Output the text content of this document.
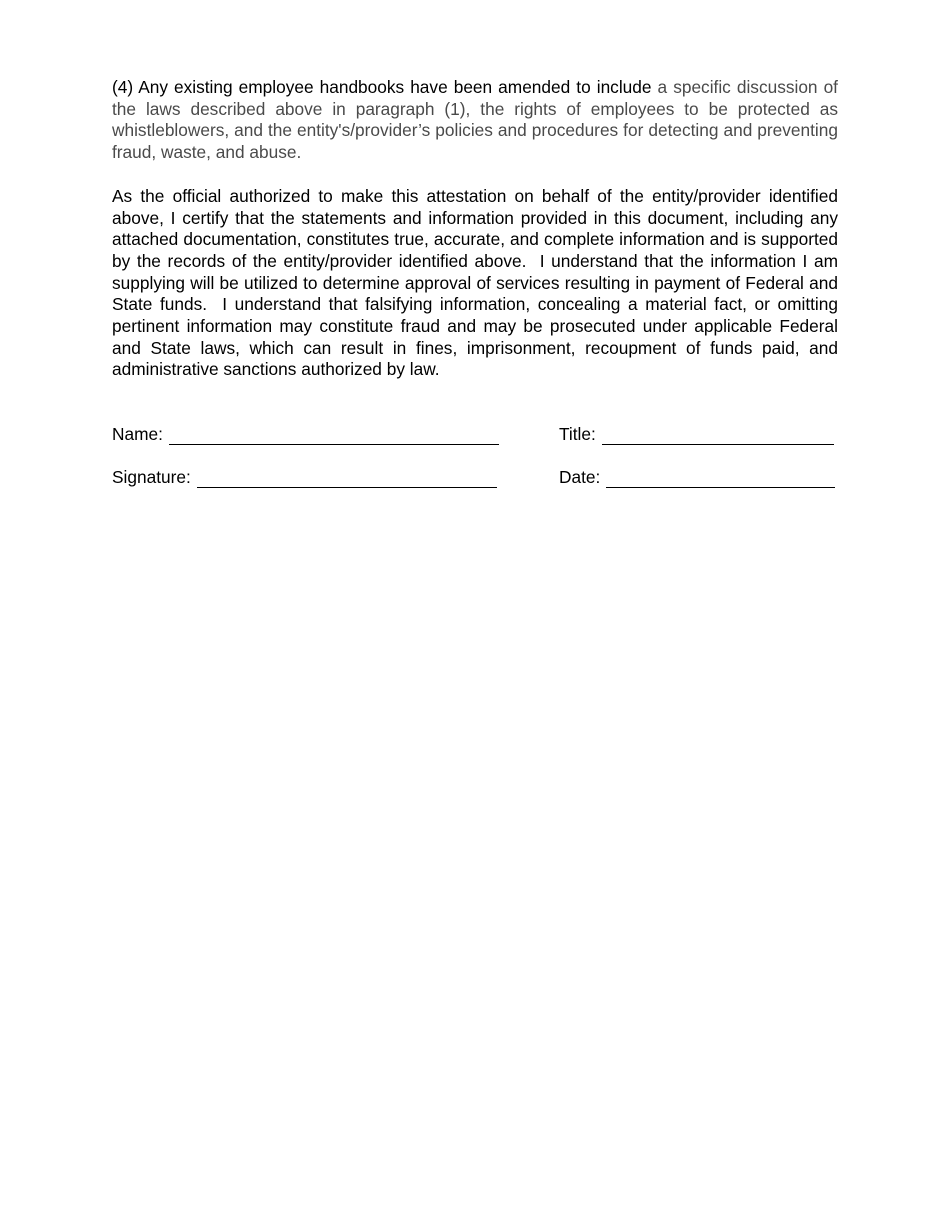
(4) Any existing employee handbooks have been amended to include a specific discussion of the laws described above in paragraph (1), the rights of employees to be protected as whistleblowers, and the entity's/provider’s policies and procedures for detecting and preventing fraud, waste, and abuse.

As the official authorized to make this attestation on behalf of the entity/provider identified above, I certify that the statements and information provided in this document, including any attached documentation, constitutes true, accurate, and complete information and is supported by the records of the entity/provider identified above.  I understand that the information I am supplying will be utilized to determine approval of services resulting in payment of Federal and State funds.  I understand that falsifying information, concealing a material fact, or omitting pertinent information may constitute fraud and may be prosecuted under applicable Federal and State laws, which can result in fines, imprisonment, recoupment of funds paid, and administrative sanctions authorized by law.

Name:	Title:
Signature:	Date:
